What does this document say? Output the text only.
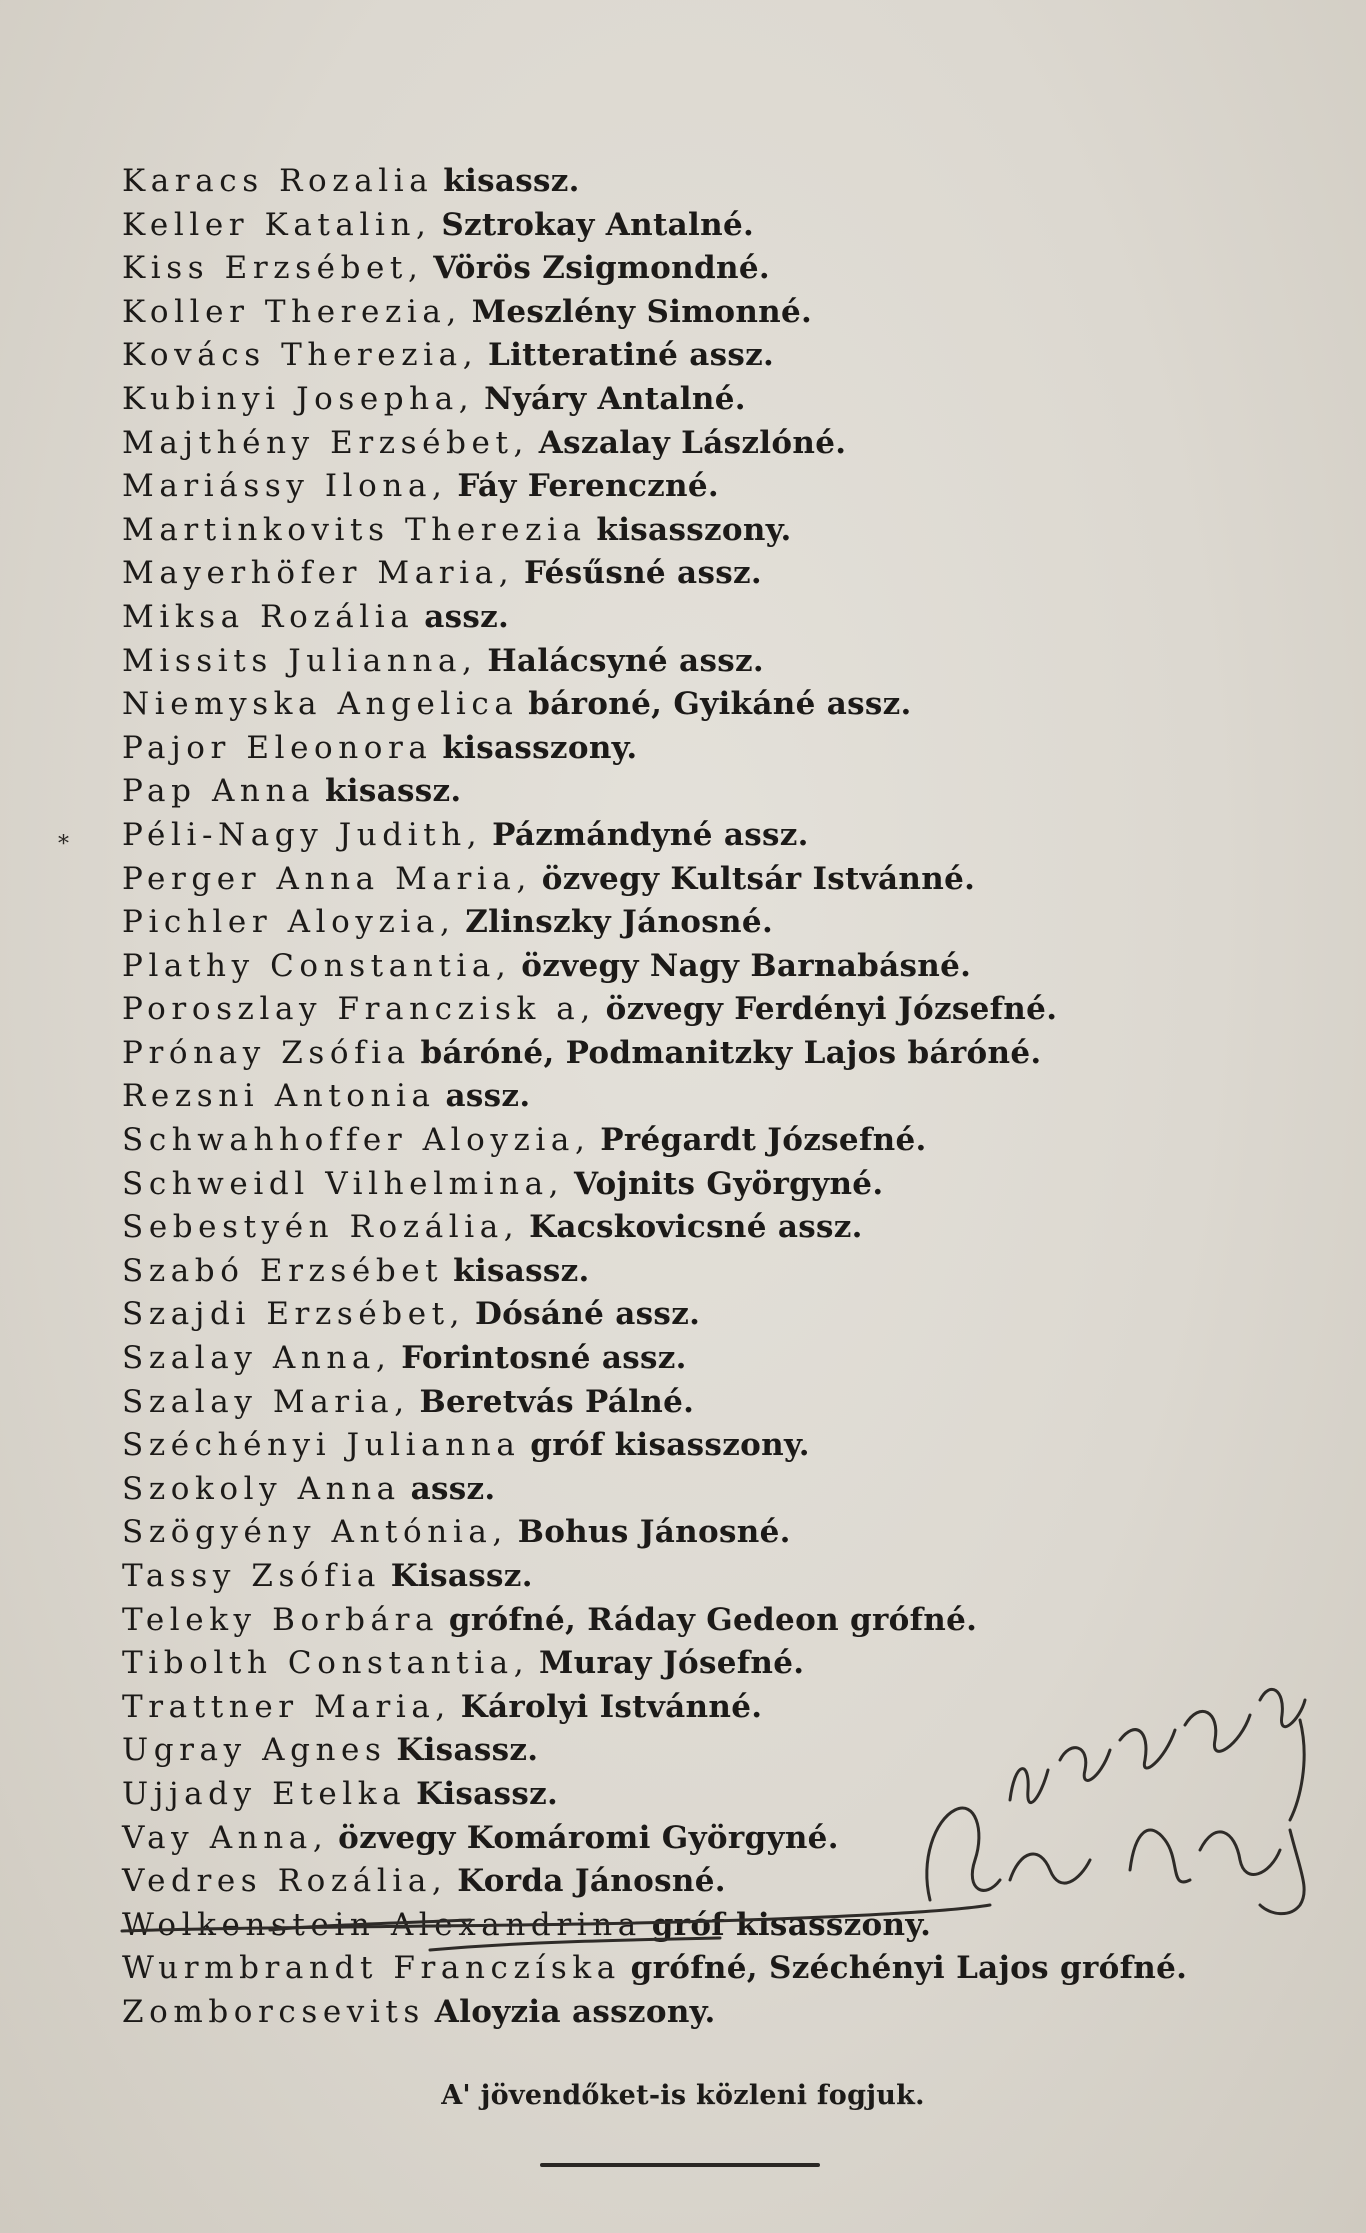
*
Karacs Rozalia kisassz.
Keller Katalin, Sztrokay Antalné.
Kiss Erzsébet, Vörös Zsigmondné.
Koller Therezia, Meszlény Simonné.
Kovács Therezia, Litteratiné assz.
Kubinyi Josepha, Nyáry Antalné.
Majthény Erzsébet, Aszalay Lászlóné.
Mariássy Ilona, Fáy Ferenczné.
Martinkovits Therezia kisasszony.
Mayerhöfer Maria, Fésűsné assz.
Miksa Rozália assz.
Missits Julianna, Halácsyné assz.
Niemyska Angelica bároné, Gyikáné assz.
Pajor Eleonora kisasszony.
Pap Anna kisassz.
Péli-Nagy Judith, Pázmándyné assz.
Perger Anna Maria, özvegy Kultsár Istvánné.
Pichler Aloyzia, Zlinszky Jánosné.
Plathy Constantia, özvegy Nagy Barnabásné.
Poroszlay Franczisk a, özvegy Ferdényi Józsefné.
Prónay Zsófia báróné, Podmanitzky Lajos báróné.
Rezsni Antonia assz.
Schwahhoffer Aloyzia, Prégardt Józsefné.
Schweidl Vilhelmina, Vojnits Györgyné.
Sebestyén Rozália, Kacskovicsné assz.
Szabó Erzsébet kisassz.
Szajdi Erzsébet, Dósáné assz.
Szalay Anna, Forintosné assz.
Szalay Maria, Beretvás Pálné.
Széchényi Julianna gróf kisasszony.
Szokoly Anna assz.
Szögyény Antónia, Bohus Jánosné.
Tassy Zsófia Kisassz.
Teleky Borbára grófné, Ráday Gedeon grófné.
Tibolth Constantia, Muray Jósefné.
Trattner Maria, Károlyi Istvánné.
Ugray Agnes Kisassz.
Ujjady Etelka Kisassz.
Vay Anna, özvegy Komáromi Györgyné.
Vedres Rozália, Korda Jánosné.
Wolkenstein Alexandrina gróf kisasszony.
Wurmbrandt Franczíska grófné, Széchényi Lajos grófné.
Zomborcsevits Aloyzia asszony.
A' jövendőket-is közleni fogjuk.
